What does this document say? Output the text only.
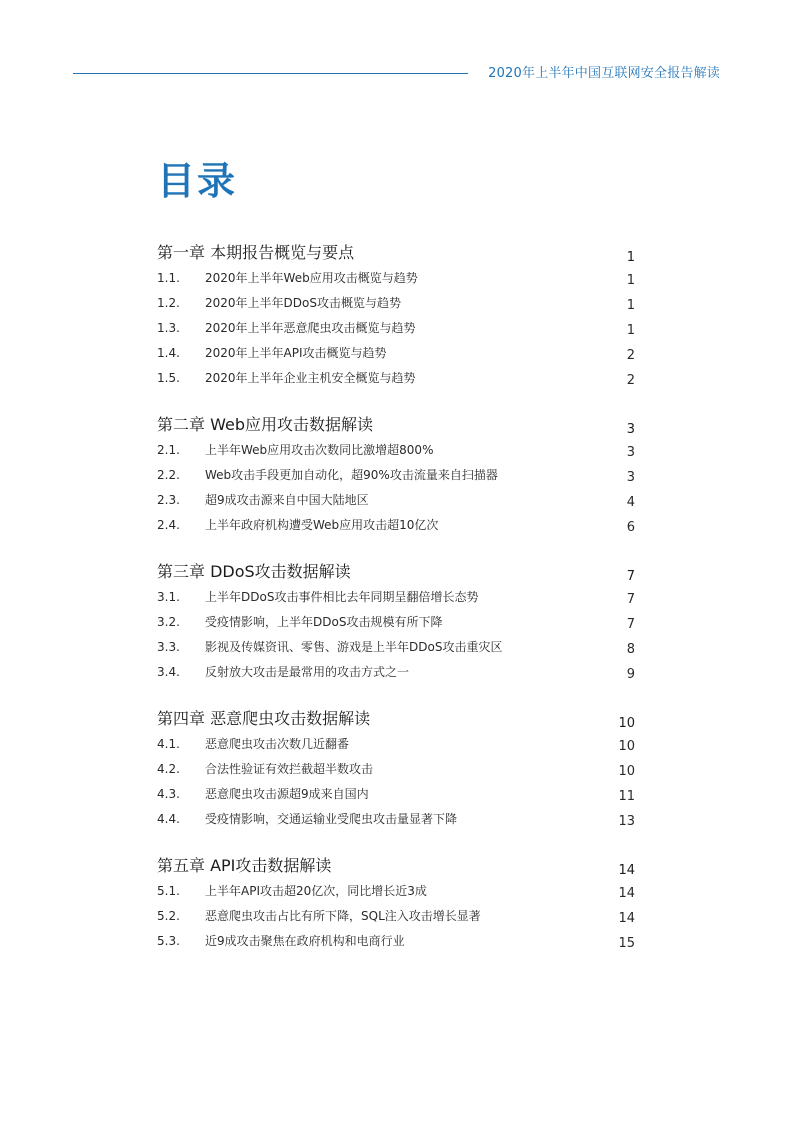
2020年上半年中国互联网安全报告解读
目录
第一章 本期报告概览与要点	1
1.1.	2020年上半年Web应用攻击概览与趋势	1
1.2.	2020年上半年DDoS攻击概览与趋势	1
1.3.	2020年上半年恶意爬虫攻击概览与趋势	1
1.4.	2020年上半年API攻击概览与趋势	2
1.5.	2020年上半年企业主机安全概览与趋势	2
第二章 Web应用攻击数据解读	3
2.1.	上半年Web应用攻击次数同比激增超800%	3
2.2.	Web攻击手段更加自动化，超90%攻击流量来自扫描器	3
2.3.	超9成攻击源来自中国大陆地区	4
2.4.	上半年政府机构遭受Web应用攻击超10亿次	6
第三章 DDoS攻击数据解读	7
3.1.	上半年DDoS攻击事件相比去年同期呈翻倍增长态势	7
3.2.	受疫情影响，上半年DDoS攻击规模有所下降	7
3.3.	影视及传媒资讯、零售、游戏是上半年DDoS攻击重灾区	8
3.4.	反射放大攻击是最常用的攻击方式之一	9
第四章 恶意爬虫攻击数据解读	10
4.1.	恶意爬虫攻击次数几近翻番	10
4.2.	合法性验证有效拦截超半数攻击	10
4.3.	恶意爬虫攻击源超9成来自国内	11
4.4.	受疫情影响，交通运输业受爬虫攻击量显著下降	13
第五章 API攻击数据解读	14
5.1.	上半年API攻击超20亿次，同比增长近3成	14
5.2.	恶意爬虫攻击占比有所下降，SQL注入攻击增长显著	14
5.3.	近9成攻击聚焦在政府机构和电商行业	15
